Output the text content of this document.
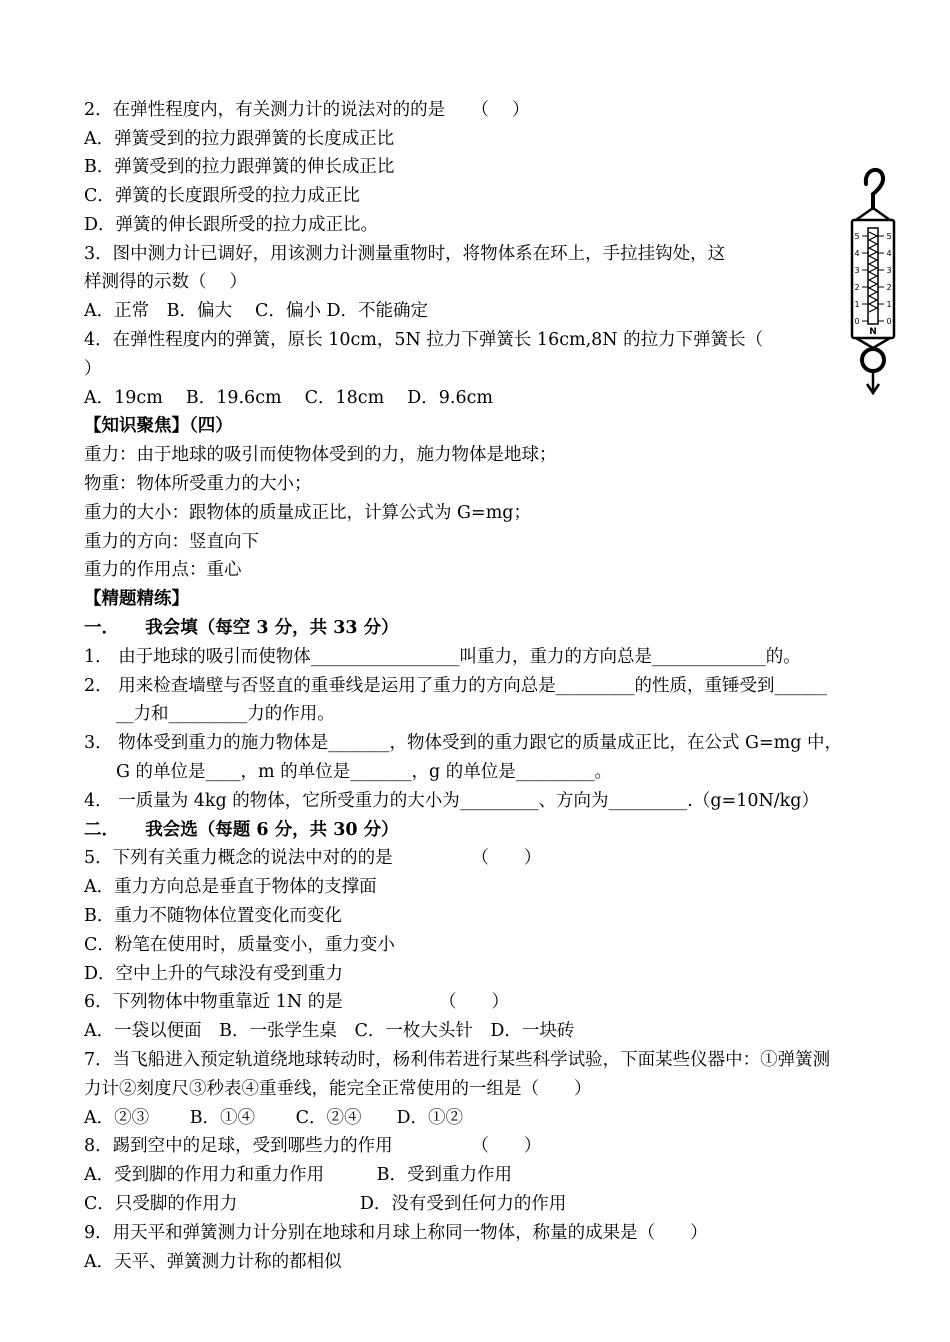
2．在弹性程度内，有关测力计的说法对的的是　　（　 ）
A．弹簧受到的拉力跟弹簧的长度成正比
B．弹簧受到的拉力跟弹簧的伸长成正比
C．弹簧的长度跟所受的拉力成正比
D．弹簧的伸长跟所受的拉力成正比。
3．图中测力计已调好，用该测力计测量重物时，将物体系在环上，手拉挂钩处，这
样测得的示数（　 ）
A．正常　B．偏大　 C．偏小 D．不能确定
4．在弹性程度内的弹簧，原长 10cm，5N 拉力下弹簧长 16cm,8N 的拉力下弹簧长（
）
A．19cm　 B．19.6cm　 C．18cm　 D．9.6cm
【知识聚焦】（四）
重力：由于地球的吸引而使物体受到的力，施力物体是地球；
物重：物体所受重力的大小；
重力的大小：跟物体的质量成正比，计算公式为 G=mg；
重力的方向：竖直向下
重力的作用点：重心
【精题精练】
一．　　我会填（每空 3 分，共 33 分）
1． 由于地球的吸引而使物体_________________叫重力，重力的方向总是_____________的。
2． 用来检查墙壁与否竖直的重垂线是运用了重力的方向总是_________的性质，重锤受到______
__力和_________力的作用。
3． 物体受到重力的施力物体是_______，物体受到的重力跟它的质量成正比，在公式 G=mg 中，
G 的单位是____，m 的单位是_______，g 的单位是_________。
4． 一质量为 4kg 的物体，它所受重力的大小为_________、方向为_________.（g=10N/kg）
二．　　我会选（每题 6 分，共 30 分）
5．下列有关重力概念的说法中对的的是　　　　　（　　）
A．重力方向总是垂直于物体的支撑面
B．重力不随物体位置变化而变化
C．粉笔在使用时，质量变小，重力变小
D．空中上升的气球没有受到重力
6．下列物体中物重靠近 1N 的是　　　　　　（　　）
A．一袋以便面　B．一张学生桌　C．一枚大头针　D．一块砖
7．当飞船进入预定轨道绕地球转动时，杨利伟若进行某些科学试验，下面某些仪器中：①弹簧测
力计②刻度尺③秒表④重垂线，能完全正常使用的一组是（　　）
A．②③　　 B．①④　　 C．②④　　D．①②
8．踢到空中的足球，受到哪些力的作用　　　　　（　　）
A．受到脚的作用力和重力作用　　　B．受到重力作用
C．只受脚的作用力　　　　　　　D．没有受到任何力的作用
9．用天平和弹簧测力计分别在地球和月球上称同一物体，称量的成果是（　　）
A．天平、弹簧测力计称的都相似
5
4
3
2
1
0
5
4
3
2
1
0
N
